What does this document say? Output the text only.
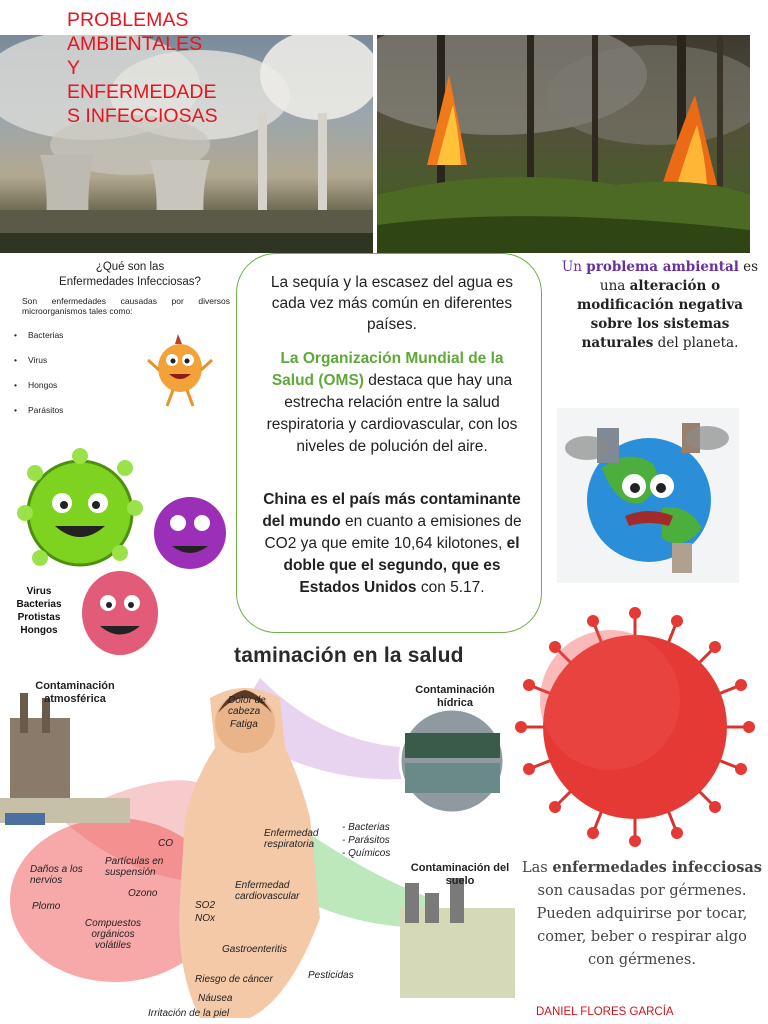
PROBLEMAS
AMBIENTALES
Y
ENFERMEDADE
S INFECCIOSAS
¿Qué son las
Enfermedades Infecciosas?
Son enfermedades causadas por diversos microorganismos tales como:
• Bacterias
• Virus
• Hongos
• Parásitos
Virus
Bacterias
Protistas
Hongos
La sequía y la escasez del agua es cada vez más común en diferentes países.
La Organización Mundial de la Salud (OMS) destaca que hay una estrecha relación entre la salud respiratoria y cardiovascular, con los niveles de polución del aire.
China es el país más contaminante del mundo en cuanto a emisiones de CO2 ya que emite 10,64 kilotones, el doble que el segundo, que es Estados Unidos con 5.17.
Un problema ambiental es una alteración o modificación negativa sobre los sistemas naturales del planeta.
taminación en la salud
Contaminación atmosférica
Contaminación hídrica
Contaminación del suelo
Dolor de cabeza
Fatiga
Enfermedad respiratoria
- Bacterias
- Parásitos
- Químicos
CO
Daños a los nervios
Partículas en suspensión
Ozono
SO2
NOx
Enfermedad cardiovascular
Plomo
Compuestos orgánicos volátiles	Gastroenteritis
Pesticidas
Riesgo de cáncer
Náusea
Irritación de la piel
Las enfermedades infecciosas son causadas por gérmenes. Pueden adquirirse por tocar, comer, beber o respirar algo con gérmenes.
DANIEL FLORES GARCÍA
